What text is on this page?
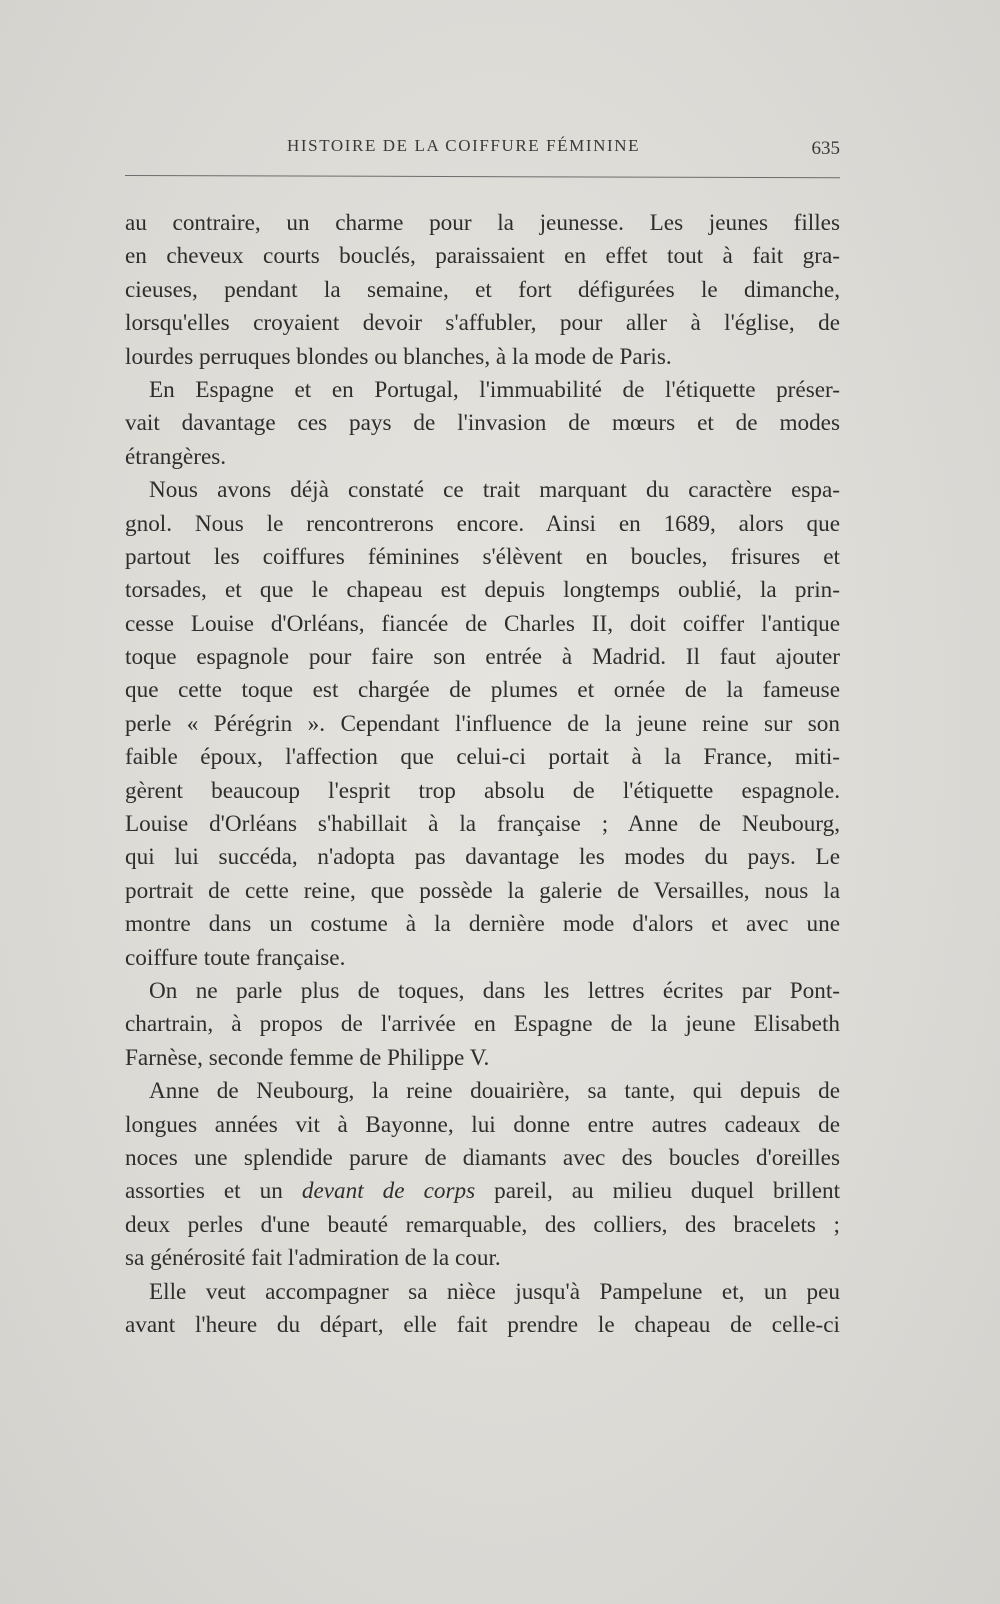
HISTOIRE DE LA COIFFURE FÉMININE	635
au contraire, un charme pour la jeunesse. Les jeunes filles
en cheveux courts bouclés, paraissaient en effet tout à fait gra-
cieuses, pendant la semaine, et fort défigurées le dimanche,
lorsqu'elles croyaient devoir s'affubler, pour aller à l'église, de
lourdes perruques blondes ou blanches, à la mode de Paris.
En Espagne et en Portugal, l'immuabilité de l'étiquette préser-
vait davantage ces pays de l'invasion de mœurs et de modes
étrangères.
Nous avons déjà constaté ce trait marquant du caractère espa-
gnol. Nous le rencontrerons encore. Ainsi en 1689, alors que
partout les coiffures féminines s'élèvent en boucles, frisures et
torsades, et que le chapeau est depuis longtemps oublié, la prin-
cesse Louise d'Orléans, fiancée de Charles II, doit coiffer l'antique
toque espagnole pour faire son entrée à Madrid. Il faut ajouter
que cette toque est chargée de plumes et ornée de la fameuse
perle « Pérégrin ». Cependant l'influence de la jeune reine sur son
faible époux, l'affection que celui-ci portait à la France, miti-
gèrent beaucoup l'esprit trop absolu de l'étiquette espagnole.
Louise d'Orléans s'habillait à la française ; Anne de Neubourg,
qui lui succéda, n'adopta pas davantage les modes du pays. Le
portrait de cette reine, que possède la galerie de Versailles, nous la
montre dans un costume à la dernière mode d'alors et avec une
coiffure toute française.
On ne parle plus de toques, dans les lettres écrites par Pont-
chartrain, à propos de l'arrivée en Espagne de la jeune Elisabeth
Farnèse, seconde femme de Philippe V.
Anne de Neubourg, la reine douairière, sa tante, qui depuis de
longues années vit à Bayonne, lui donne entre autres cadeaux de
noces une splendide parure de diamants avec des boucles d'oreilles
assorties et un devant de corps pareil, au milieu duquel brillent
deux perles d'une beauté remarquable, des colliers, des bracelets ;
sa générosité fait l'admiration de la cour.
Elle veut accompagner sa nièce jusqu'à Pampelune et, un peu
avant l'heure du départ, elle fait prendre le chapeau de celle-ci
